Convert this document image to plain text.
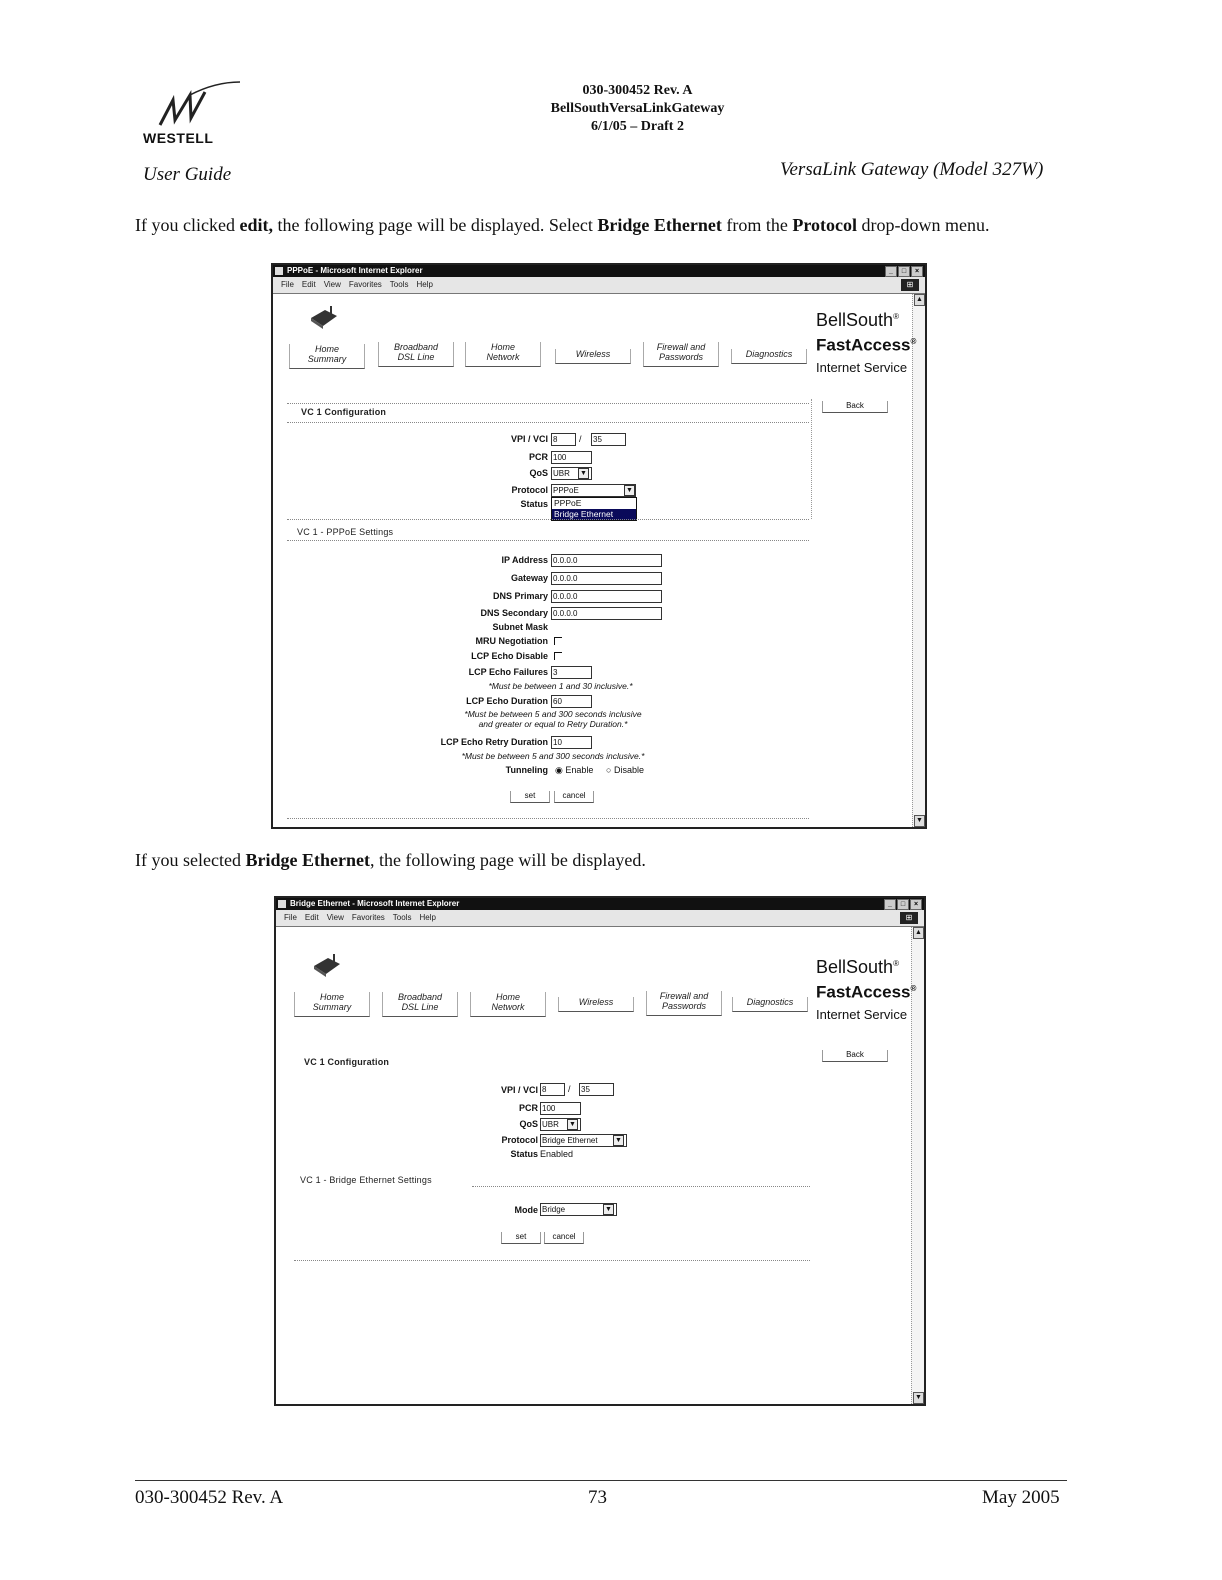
WESTELL
030-300452 Rev. A
BellSouthVersaLinkGateway
6/1/05 – Draft 2
User Guide	VersaLink Gateway (Model 327W)
If you clicked edit, the following page will be displayed. Select Bridge Ethernet from the Protocol drop-down menu.
PPPoE - Microsoft Internet Explorer	_	□	×
File Edit View Favorites Tools Help	⊞
▲
▼
Home
Summary
Broadband
DSL Line
Home
Network	Wireless
Firewall and
Passwords	Diagnostics
BellSouth®
FastAccess®
Internet Service
VC 1 Configuration
Back
VPI / VCI 8	/ 35
PCR 100
QoS UBR	▼
Protocol PPPoE	▼
Status PPPoE
Bridge Ethernet
VC 1 - PPPoE Settings
IP Address 0.0.0.0
Gateway 0.0.0.0
DNS Primary 0.0.0.0
DNS Secondary 0.0.0.0
Subnet Mask
MRU Negotiation
LCP Echo Disable
LCP Echo Failures 3
*Must be between 1 and 30 inclusive.*
LCP Echo Duration 60
*Must be between 5 and 300 seconds inclusive
and greater or equal to Retry Duration.*
LCP Echo Retry Duration 10
*Must be between 5 and 300 seconds inclusive.*
Tunneling ◉ Enable ○ Disable
set	cancel
If you selected Bridge Ethernet, the following page will be displayed.
Bridge Ethernet - Microsoft Internet Explorer	_	□	×
File Edit View Favorites Tools Help	⊞
▲
▼
Home
Summary
Broadband
DSL Line
Home
Network	Wireless
Firewall and
Passwords	Diagnostics
BellSouth®
FastAccess®
Internet Service
VC 1 Configuration
Back
VPI / VCI 8	/ 35
PCR 100
QoS UBR	▼
Protocol Bridge Ethernet	▼
Status Enabled
VC 1 - Bridge Ethernet Settings
Mode Bridge	▼
set	cancel
030-300452 Rev. A	73	May 2005
